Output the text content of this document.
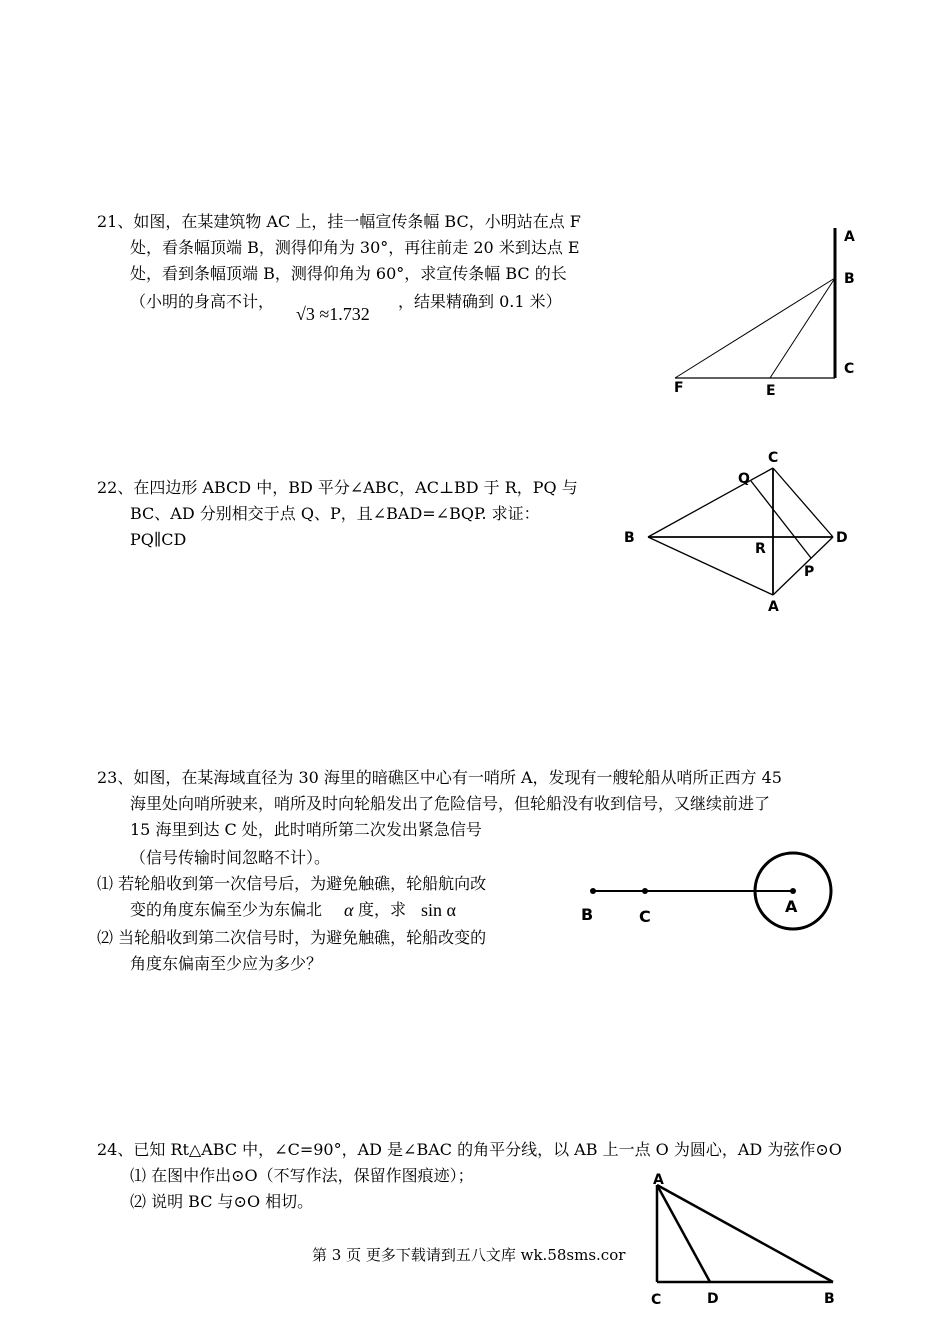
21、如图，在某建筑物 AC 上，挂一幅宣传条幅 BC，小明站在点 F
处，看条幅顶端 B，测得仰角为 30°，再往前走 20 米到达点 E
处，看到条幅顶端 B，测得仰角为 60°，求宣传条幅 BC 的长
（小明的身高不计，
√3 ≈1.732
，结果精确到 0.1 米）
A
B
C
F	E
22、在四边形 ABCD 中，BD 平分∠ABC，AC⊥BD 于 R，PQ 与
BC、AD 分别相交于点 Q、P，且∠BAD=∠BQP. 求证：
PQ∥CD
C
Q
B	D
R
P
A
23、如图，在某海域直径为 30 海里的暗礁区中心有一哨所 A，发现有一艘轮船从哨所正西方 45
海里处向哨所驶来，哨所及时向轮船发出了危险信号，但轮船没有收到信号，又继续前进了
15 海里到达 C 处，此时哨所第二次发出紧急信号
（信号传输时间忽略不计）。
⑴ 若轮船收到第一次信号后，为避免触礁，轮船航向改
变的角度东偏至少为东偏北 α 度，求 sin α
⑵ 当轮船收到第二次信号时，为避免触礁，轮船改变的
角度东偏南至少应为多少？
B	C
A
24、已知 Rt△ABC 中，∠C=90°，AD 是∠BAC 的角平分线，以 AB 上一点 O 为圆心，AD 为弦作⊙O
⑴ 在图中作出⊙O（不写作法，保留作图痕迹）；
⑵ 说明 BC 与⊙O 相切。
A
C	D	B
第 3 页 更多下载请到五八文库 wk.58sms.cor
